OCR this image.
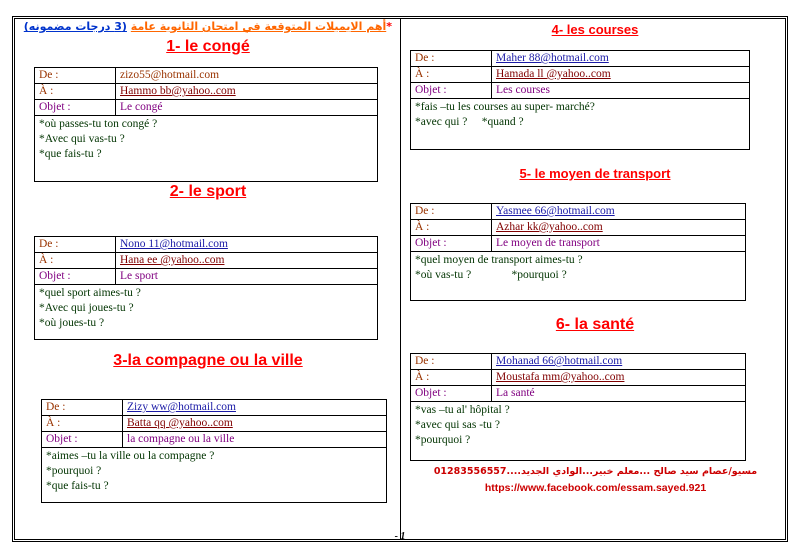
*أهم الايميلات المتوقعة في امتحان الثانوية عامة (3 درجات مضمونه)
1- le congé
De :	zizo55@hotmail.com
À :	Hammo bb@yahoo..com
Objet :	Le congé
*où passes-tu ton congé ?
*Avec qui vas-tu ?
*que fais-tu ?
2- le sport
De :	Nono 11@hotmail.com
À :	Hana ee @yahoo..com
Objet :	Le sport
*quel sport aimes-tu ?
*Avec qui joues-tu ?
*où joues-tu ?
3-la compagne ou la ville
De :	Zizy ww@hotmail.com
À :	Batta qq @yahoo..com
Objet :	la compagne ou la ville
*aimes –tu la ville ou la compagne ?
*pourquoi ?
*que fais-tu ?
4- les courses
De :	Maher 88@hotmail.com
À :	Hamada ll @yahoo..com
Objet :	Les courses
*fais –tu les courses au super- marché?
*avec qui ?     *quand ?
5- le moyen de transport
De :	Yasmee 66@hotmail.com
À :	Azhar kk@yahoo..com
Objet :	Le moyen de transport
*quel moyen de transport aimes-tu ?
*où vas-tu ?              *pourquoi ?
6- la santé
De :	Mohanad 66@hotmail.com
À :	Moustafa mm@yahoo..com
Objet :	La santé
*vas –tu al' hôpital ?
*avec qui sas -tu ?
*pourquoi ?
مسيو/عصام سيد صالح ...معلم خبير...الوادي الجديد....01283556557
https://www.facebook.com/essam.sayed.921
- 1
